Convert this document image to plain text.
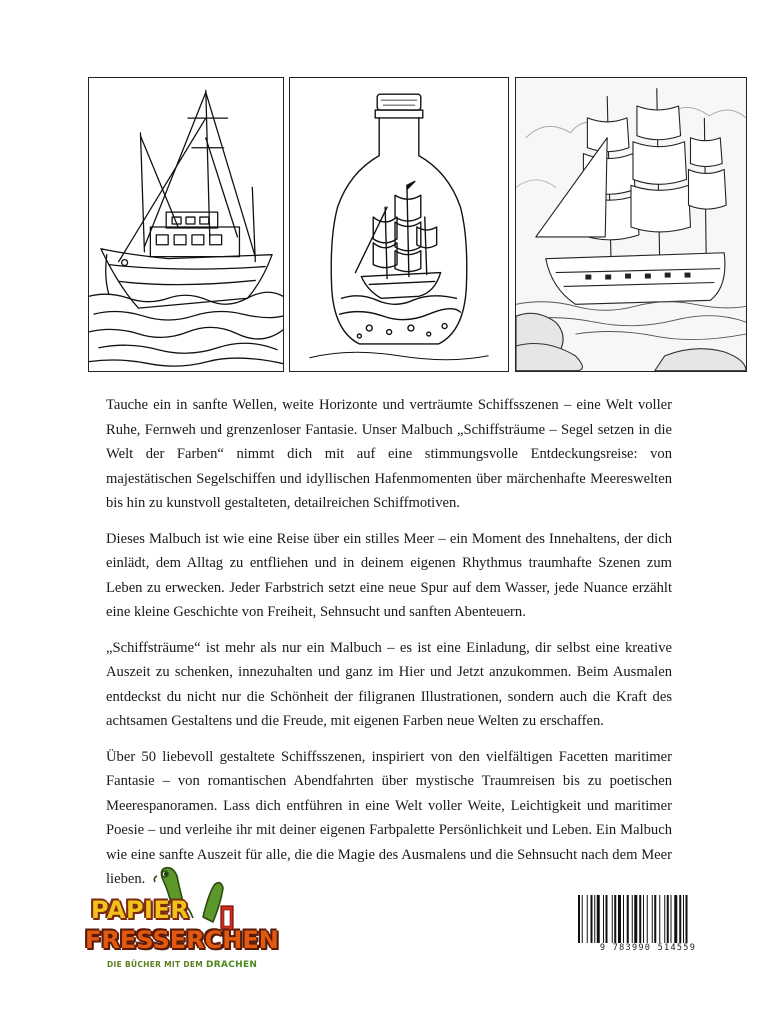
Tauche ein in sanfte Wellen, weite Horizonte und verträumte Schiffsszenen – eine Welt voller Ruhe, Fernweh und grenzenloser Fantasie. Unser Malbuch „Schiffsträume – Segel setzen in die Welt der Farben“ nimmt dich mit auf eine stimmungsvolle Entdeckungsreise: von majestätischen Segelschiffen und idyllischen Hafenmomenten über märchenhafte Meereswelten bis hin zu kunstvoll gestalteten, detailreichen Schiffmotiven.

Dieses Malbuch ist wie eine Reise über ein stilles Meer – ein Moment des Innehaltens, der dich einlädt, dem Alltag zu entfliehen und in deinem eigenen Rhythmus traumhafte Szenen zum Leben zu erwecken. Jeder Farbstrich setzt eine neue Spur auf dem Wasser, jede Nuance erzählt eine kleine Geschichte von Freiheit, Sehnsucht und sanften Abenteuern.

„Schiffsträume“ ist mehr als nur ein Malbuch – es ist eine Einladung, dir selbst eine kreative Auszeit zu schenken, innezuhalten und ganz im Hier und Jetzt anzukommen. Beim Ausmalen entdeckst du nicht nur die Schönheit der filigranen Illustrationen, sondern auch die Kraft des achtsamen Gestaltens und die Freude, mit eigenen Farben neue Welten zu erschaffen.

Über 50 liebevoll gestaltete Schiffsszenen, inspiriert von den vielfältigen Facetten maritimer Fantasie – von romantischen Abendfahrten über mystische Traumreisen bis zu poetischen Meerespanoramen. Lass dich entführen in eine Welt voller Weite, Leichtigkeit und maritimer Poesie – und verleihe ihr mit deiner eigenen Farbpalette Persönlichkeit und Leben. Ein Malbuch wie eine sanfte Auszeit für alle, die die Magie des Ausmalens und die Sehnsucht nach dem Meer lieben.

PAPIER
FRESSERCHEN
DIE BÜCHER MIT DEM DRACHEN
9 783990 514559
